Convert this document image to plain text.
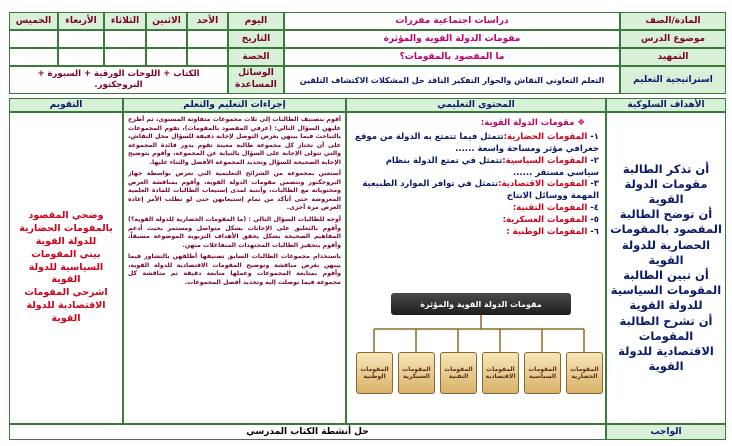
المادة/الصف
دراسات اجتماعية مقررات
اليوم
الأحد
الاثنين
الثلاثاء
الأربعاء
الخميس
موضوع الدرس
مقومات الدولة القوية والمؤثرة
التاريخ
التمهيد
ما المقصود بالمقومات؟
الحصة
استراتيجية التعليم
التعلم التعاوني النقاش والحوار التفكير الناقد حل المشكلات الاكتشاف التلقين
الوسائل المساعدة
الكتاب + اللوحات الورقية + السبورة + البروجكتور.
الأهداف السلوكية
المحتوى التعليمي
إجراءات التعليم والتعلم
التقويم
أن تذكر الطالبة مقومات الدولة القوية
أن توضح الطالبة المقصود بالمقومات الحضارية للدولة القوية
أن تبين الطالبة المقومات السياسية للدولة القوية
أن تشرح الطالبة المقومات الاقتصادية للدولة القوية
❖ مقومات الدولة القوية:
١- المقومات الحضارية:تتمثل فيما تتمتع به الدولة من موقع جغرافي مؤثر ومساحة واسعة ......
٢- المقومات السياسية:تتمثل في تمتع الدولة بنظام سياسي مستقر ......
٣- المقومات الاقتصادية:تتمثل في توافر الموارد الطبيعية المهمة ووسائل الانتاج
٤- المقومات التقنية:
٥- المقومات العسكرية:
٦- المقومات الوطنية :
مقومات الدولة القوية والمؤثرة
المقومات الحضارية
المقومات السياسية
المقومات الاقتصادية
المقومات التقنية
المقومات العسكرية
المقومات الوطنية

أقوم بتصنيف الطالبات إلى ثلاث مجموعات متفاوتة المستوى، ثم أطرح عليهن السؤال التالي: (عرفي المقصود بالمقومات)، تقوم المجموعات بالتباحث فيما بينهن بغرض التوصل لإجابة دقيقة للسؤال محل النقاش، على أن تختار كل مجموعة طالبة معينة تقوم بدور قائدة المجموعة والتي تتولى الإجابة على السؤال بالنيابة عن المجموعة، وأقوم بتوضيح الإجابة الصحيحة للسؤال وتحديد المجموعة الأفضل والثناء عليها.

أستعين بمجموعة من الشرائح التعليمية التي تعرض بواسطة جهاز البروجكتور وتتضمن مقومات الدولة القوية، وأقوم بمناقشة العرض ومحتوياته مع الطالبات، وأنتبه لمدى إستيعاب الطالبات للمادة العلمية المعروضة حتى أتأكد من تمام إستيعابهن حتى لو تطلب الأمر إعادة العرض مرة أخرى.

أوجه للطالبات السؤال التالي : (ما المقومات الحضارية للدولة القوية؟) وأقوم بالتعليق على الإجابات بشكل متواصل ومستمر بحيث أدعم المفاهيم الصحيحة بشكل يحقق الأهداف التربوية الموضوعة مسبقاً، وأقوم بتحفيز الطالبات المجتهدات المتفاعلات منهن.

باستخدام مجموعات الطالبات السابق تصنيفها أطلقهن بالتشاور فيما بينهن بغرض مناقشة وتوضيح المقومات الاقتصادية للدولة القوية، وأقوم بمتابعة المجموعات وعملها متابعة دقيقة ثم مناقشة كل مجموعة فيما توصلت إليه وتحديد أفضل المجموعات.

وضحي المقصود بالمقومات الحضارية للدولة القوية
بيني المقومات السياسية للدولة القوية
اشرحي المقومات الاقتصادية للدولة القوية
الواجب
حل أنشطة الكتاب المدرسي
